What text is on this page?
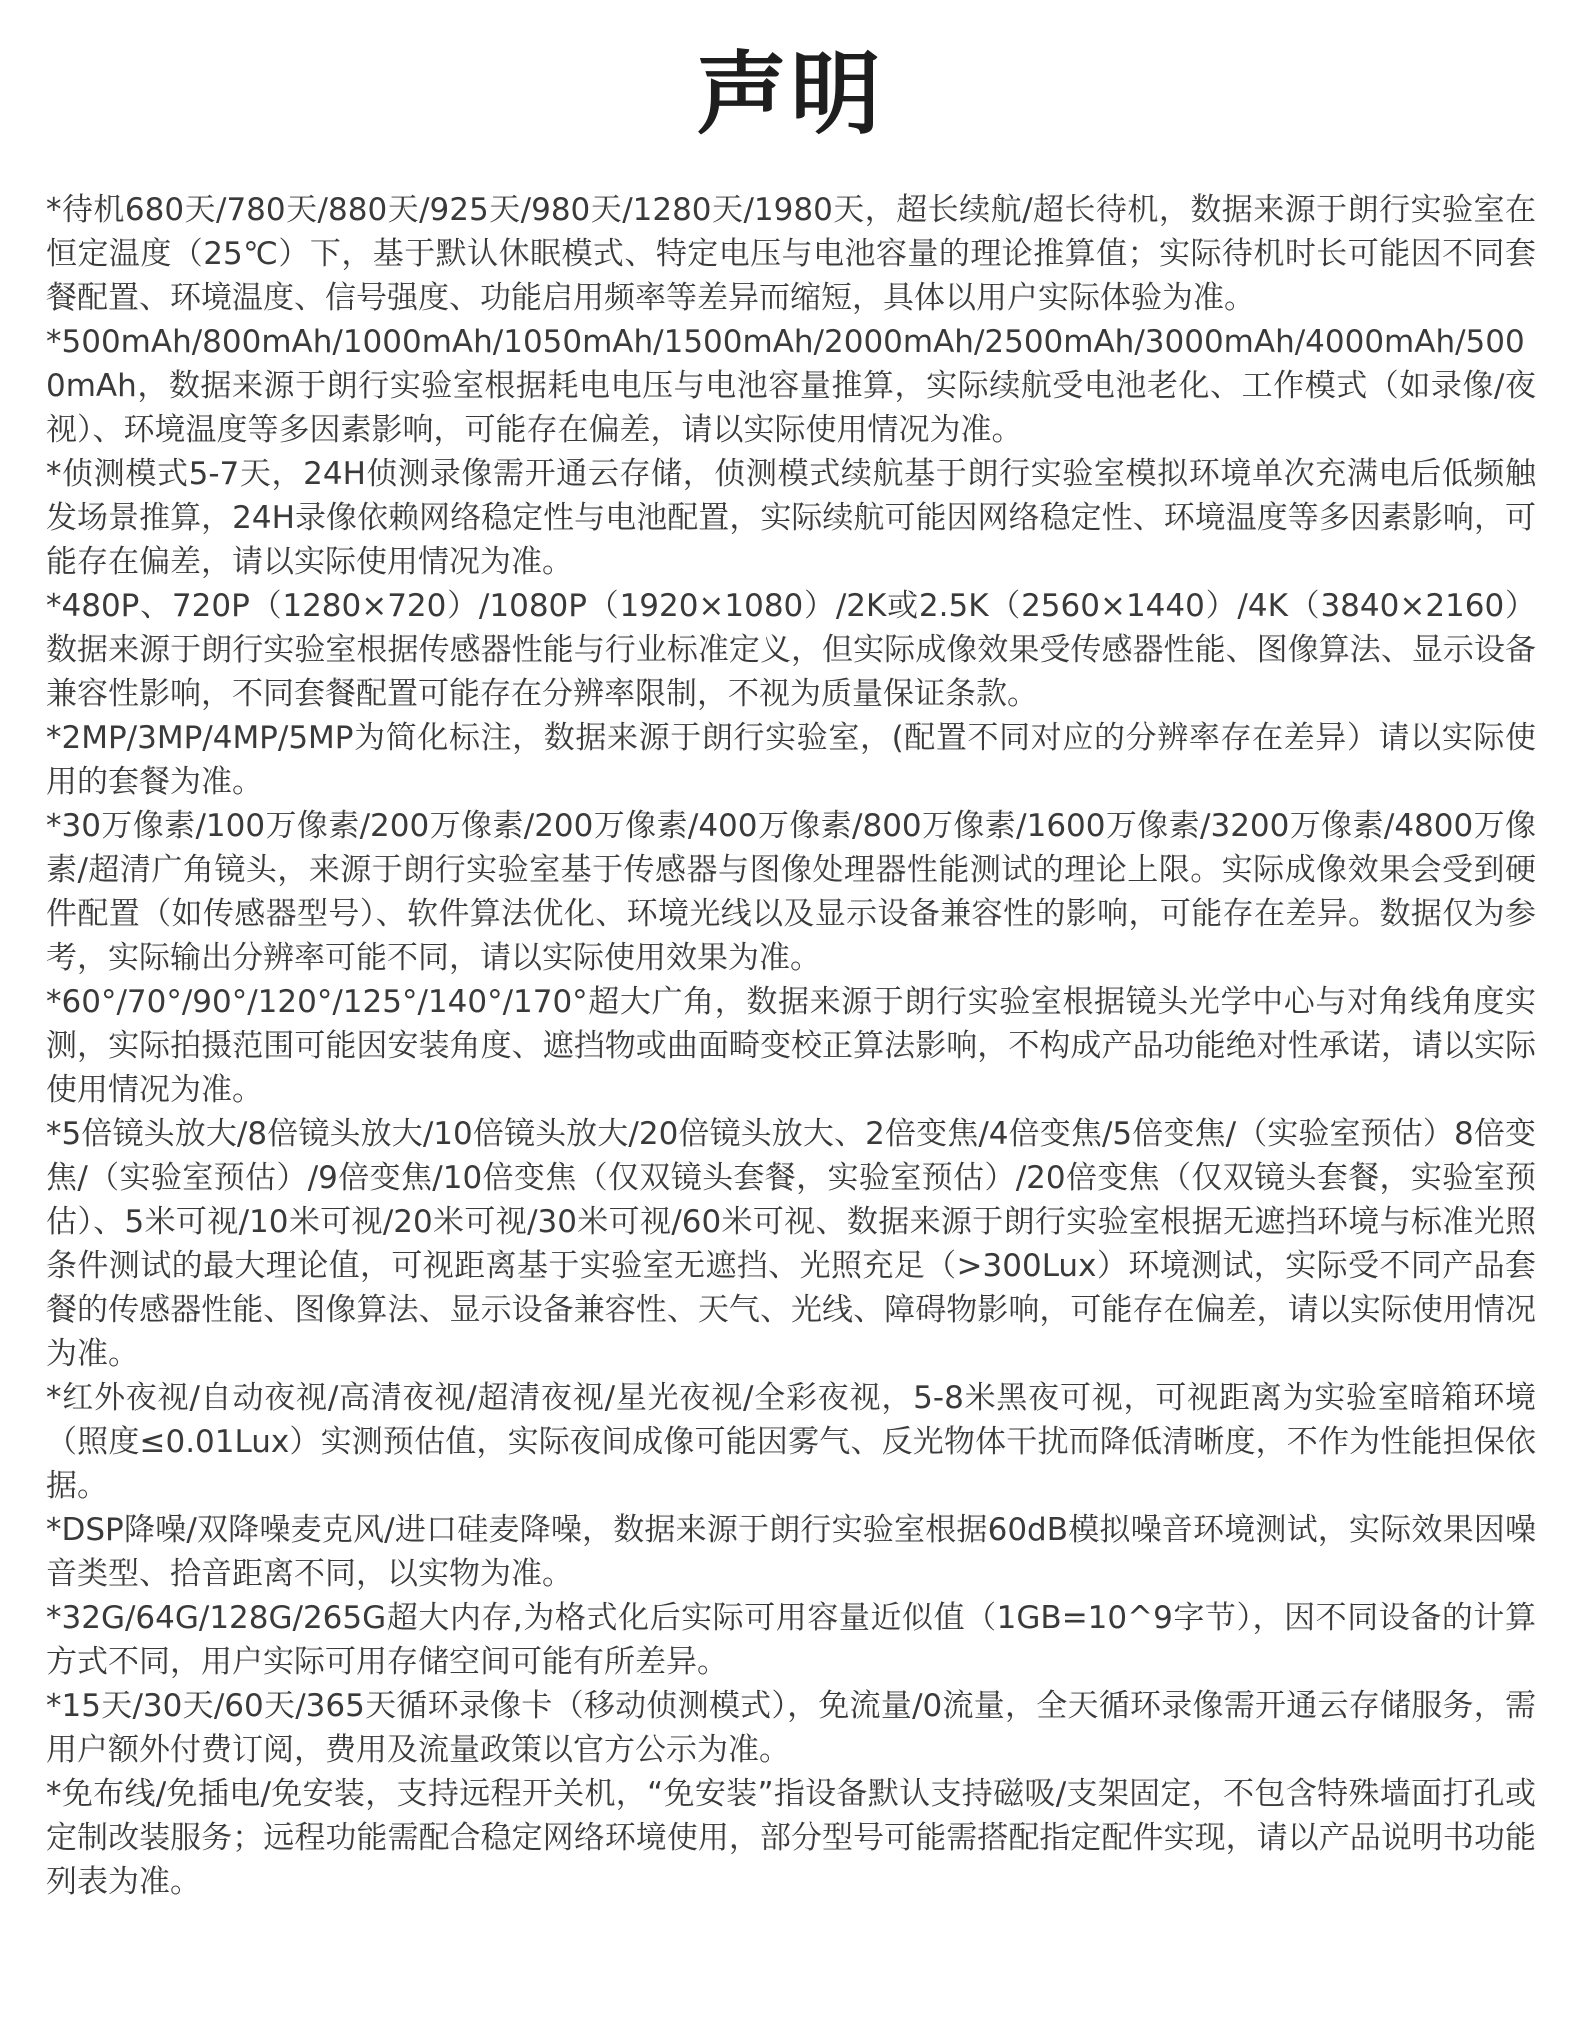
声明

*待机680天/780天/880天/925天/980天/1280天/1980天，超长续航/超长待机，数据来源于朗行实验室在恒定温度（25℃）下，基于默认休眠模式、特定电压与电池容量的理论推算值；实际待机时长可能因不同套餐配置、环境温度、信号强度、功能启用频率等差异而缩短，具体以用户实际体验为准。

*500mAh/800mAh/1000mAh/1050mAh/1500mAh/2000mAh/2500mAh/3000mAh/4000mAh/5000mAh，数据来源于朗行实验室根据耗电电压与电池容量推算，实际续航受电池老化、工作模式（如录像/夜视）、环境温度等多因素影响，可能存在偏差，请以实际使用情况为准。

*侦测模式5-7天，24H侦测录像需开通云存储，侦测模式续航基于朗行实验室模拟环境单次充满电后低频触发场景推算，24H录像依赖网络稳定性与电池配置，实际续航可能因网络稳定性、环境温度等多因素影响，可能存在偏差，请以实际使用情况为准。

*480P、720P（1280×720）/1080P（1920×1080）/2K或2.5K（2560×1440）/4K（3840×2160）数据来源于朗行实验室根据传感器性能与行业标准定义，但实际成像效果受传感器性能、图像算法、显示设备兼容性影响，不同套餐配置可能存在分辨率限制，不视为质量保证条款。

*2MP/3MP/4MP/5MP为简化标注，数据来源于朗行实验室，(配置不同对应的分辨率存在差异）请以实际使用的套餐为准。

*30万像素/100万像素/200万像素/200万像素/400万像素/800万像素/1600万像素/3200万像素/4800万像素/超清广角镜头，来源于朗行实验室基于传感器与图像处理器性能测试的理论上限。实际成像效果会受到硬件配置（如传感器型号）、软件算法优化、环境光线以及显示设备兼容性的影响，可能存在差异。数据仅为参考，实际输出分辨率可能不同，请以实际使用效果为准。

*60°/70°/90°/120°/125°/140°/170°超大广角，数据来源于朗行实验室根据镜头光学中心与对角线角度实测，实际拍摄范围可能因安装角度、遮挡物或曲面畸变校正算法影响，不构成产品功能绝对性承诺，请以实际使用情况为准。

*5倍镜头放大/8倍镜头放大/10倍镜头放大/20倍镜头放大、2倍变焦/4倍变焦/5倍变焦/（实验室预估）8倍变焦/（实验室预估）/9倍变焦/10倍变焦（仅双镜头套餐，实验室预估）/20倍变焦（仅双镜头套餐，实验室预估）、5米可视/10米可视/20米可视/30米可视/60米可视、数据来源于朗行实验室根据无遮挡环境与标准光照条件测试的最大理论值，可视距离基于实验室无遮挡、光照充足（>300Lux）环境测试，实际受不同产品套餐的传感器性能、图像算法、显示设备兼容性、天气、光线、障碍物影响，可能存在偏差，请以实际使用情况为准。

*红外夜视/自动夜视/高清夜视/超清夜视/星光夜视/全彩夜视，5-8米黑夜可视，可视距离为实验室暗箱环境（照度≤0.01Lux）实测预估值，实际夜间成像可能因雾气、反光物体干扰而降低清晰度，不作为性能担保依据。

*DSP降噪/双降噪麦克风/进口硅麦降噪，数据来源于朗行实验室根据60dB模拟噪音环境测试，实际效果因噪音类型、拾音距离不同，以实物为准。

*32G/64G/128G/265G超大内存,为格式化后实际可用容量近似值（1GB=10^9字节），因不同设备的计算方式不同，用户实际可用存储空间可能有所差异。

*15天/30天/60天/365天循环录像卡（移动侦测模式），免流量/0流量，全天循环录像需开通云存储服务，需用户额外付费订阅，费用及流量政策以官方公示为准。

*免布线/免插电/免安装，支持远程开关机，“免安装”指设备默认支持磁吸/支架固定，不包含特殊墙面打孔或定制改装服务；远程功能需配合稳定网络环境使用，部分型号可能需搭配指定配件实现，请以产品说明书功能列表为准。
